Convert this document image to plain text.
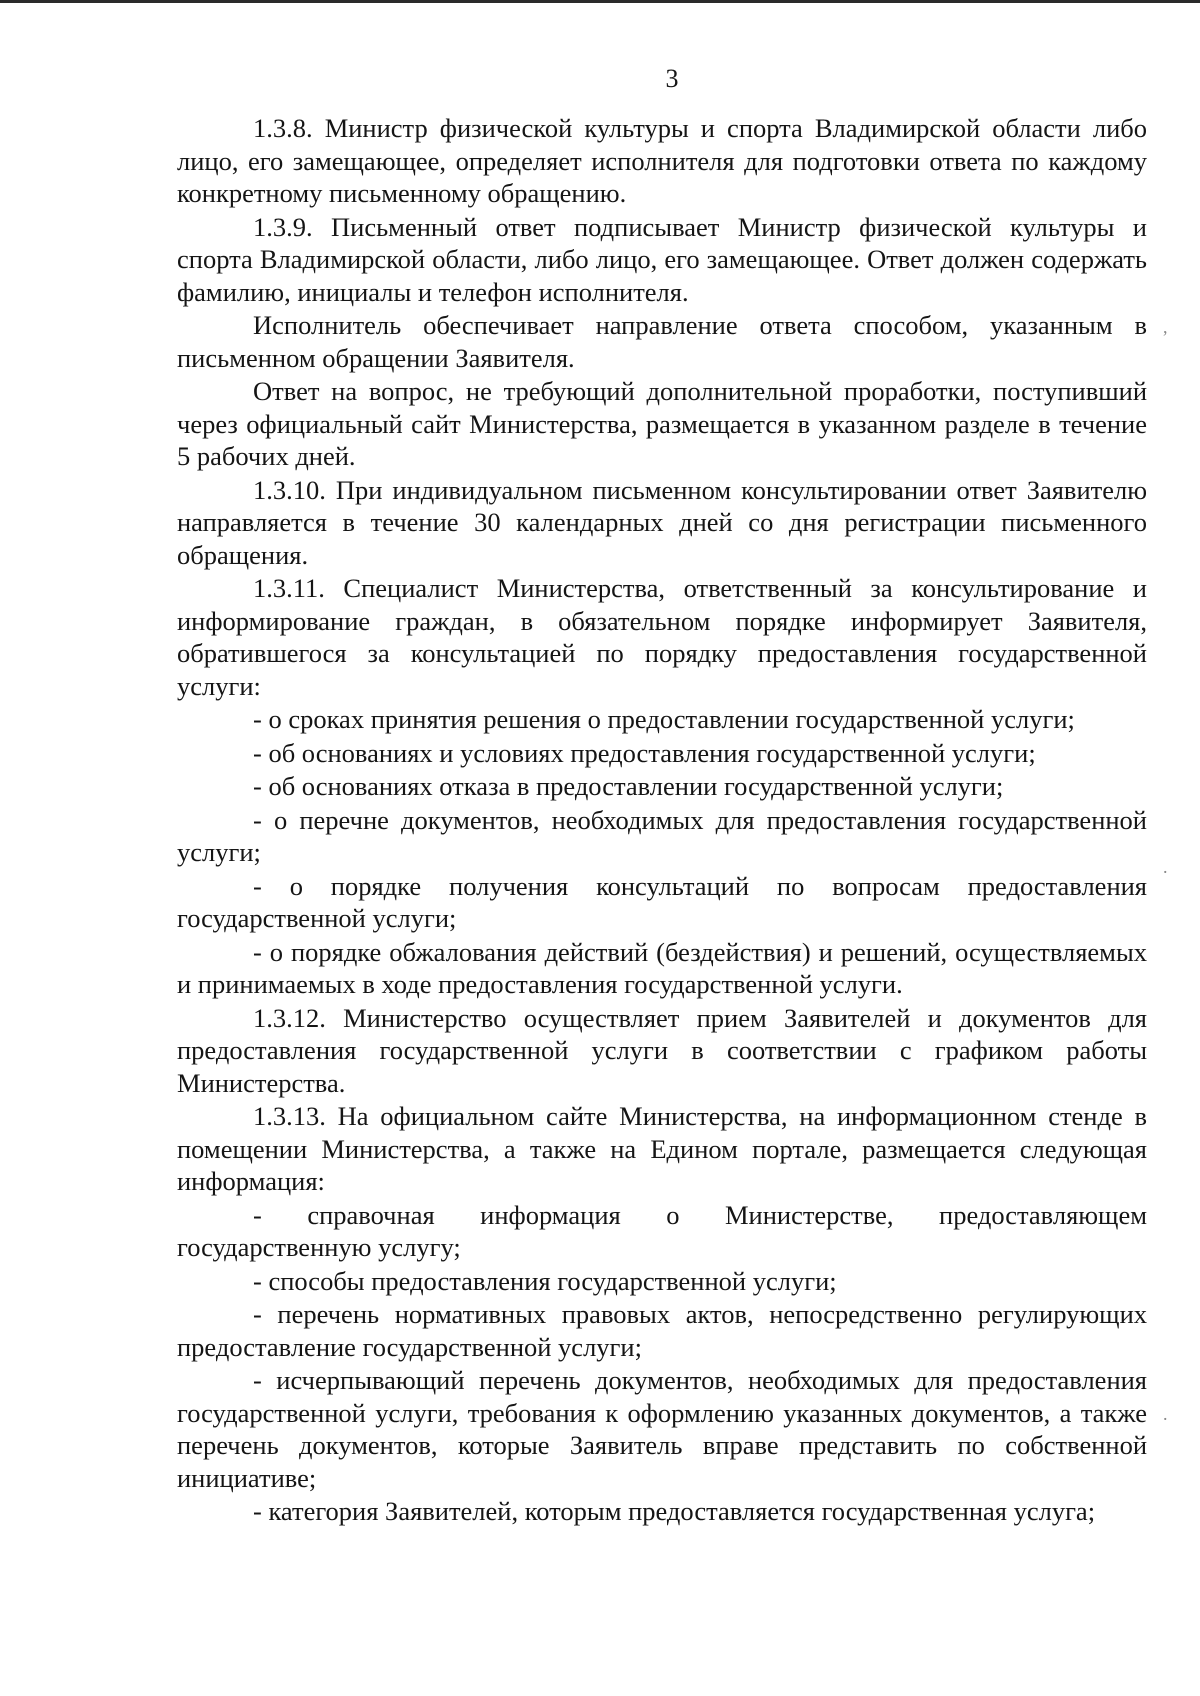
,
.
.
3

1.3.8. Министр физической культуры и спорта Владимирской области либо лицо, его замещающее, определяет исполнителя для подготовки ответа по каждому конкретному письменному обращению.

1.3.9. Письменный ответ подписывает Министр физической культуры и спорта Владимирской области, либо лицо, его замещающее. Ответ должен содержать фамилию, инициалы и телефон исполнителя.

Исполнитель обеспечивает направление ответа способом, указанным в письменном обращении Заявителя.

Ответ на вопрос, не требующий дополнительной проработки, поступивший через официальный сайт Министерства, размещается в указанном разделе в течение 5 рабочих дней.

1.3.10. При индивидуальном письменном консультировании ответ Заявителю направляется в течение 30 календарных дней со дня регистрации письменного обращения.

1.3.11. Специалист Министерства, ответственный за консультирование и информирование граждан, в обязательном порядке информирует Заявителя, обратившегося за консультацией по порядку предоставления государственной услуги:

- о сроках принятия решения о предоставлении государственной услуги;

- об основаниях и условиях предоставления государственной услуги;

- об основаниях отказа в предоставлении государственной услуги;

- о перечне документов, необходимых для предоставления государственной услуги;

- о порядке получения консультаций по вопросам предоставления государственной услуги;

- о порядке обжалования действий (бездействия) и решений, осуществляемых и принимаемых в ходе предоставления государственной услуги.

1.3.12. Министерство осуществляет прием Заявителей и документов для предоставления государственной услуги в соответствии с графиком работы Министерства.

1.3.13. На официальном сайте Министерства, на информационном стенде в помещении Министерства, а также на Едином портале, размещается следующая информация:

- справочная информация о Министерстве, предоставляющем государственную услугу;

- способы предоставления государственной услуги;

- перечень нормативных правовых актов, непосредственно регулирующих предоставление государственной услуги;

- исчерпывающий перечень документов, необходимых для предоставления государственной услуги, требования к оформлению указанных документов, а также перечень документов, которые Заявитель вправе представить по собственной инициативе;

- категория Заявителей, которым предоставляется государственная услуга;
